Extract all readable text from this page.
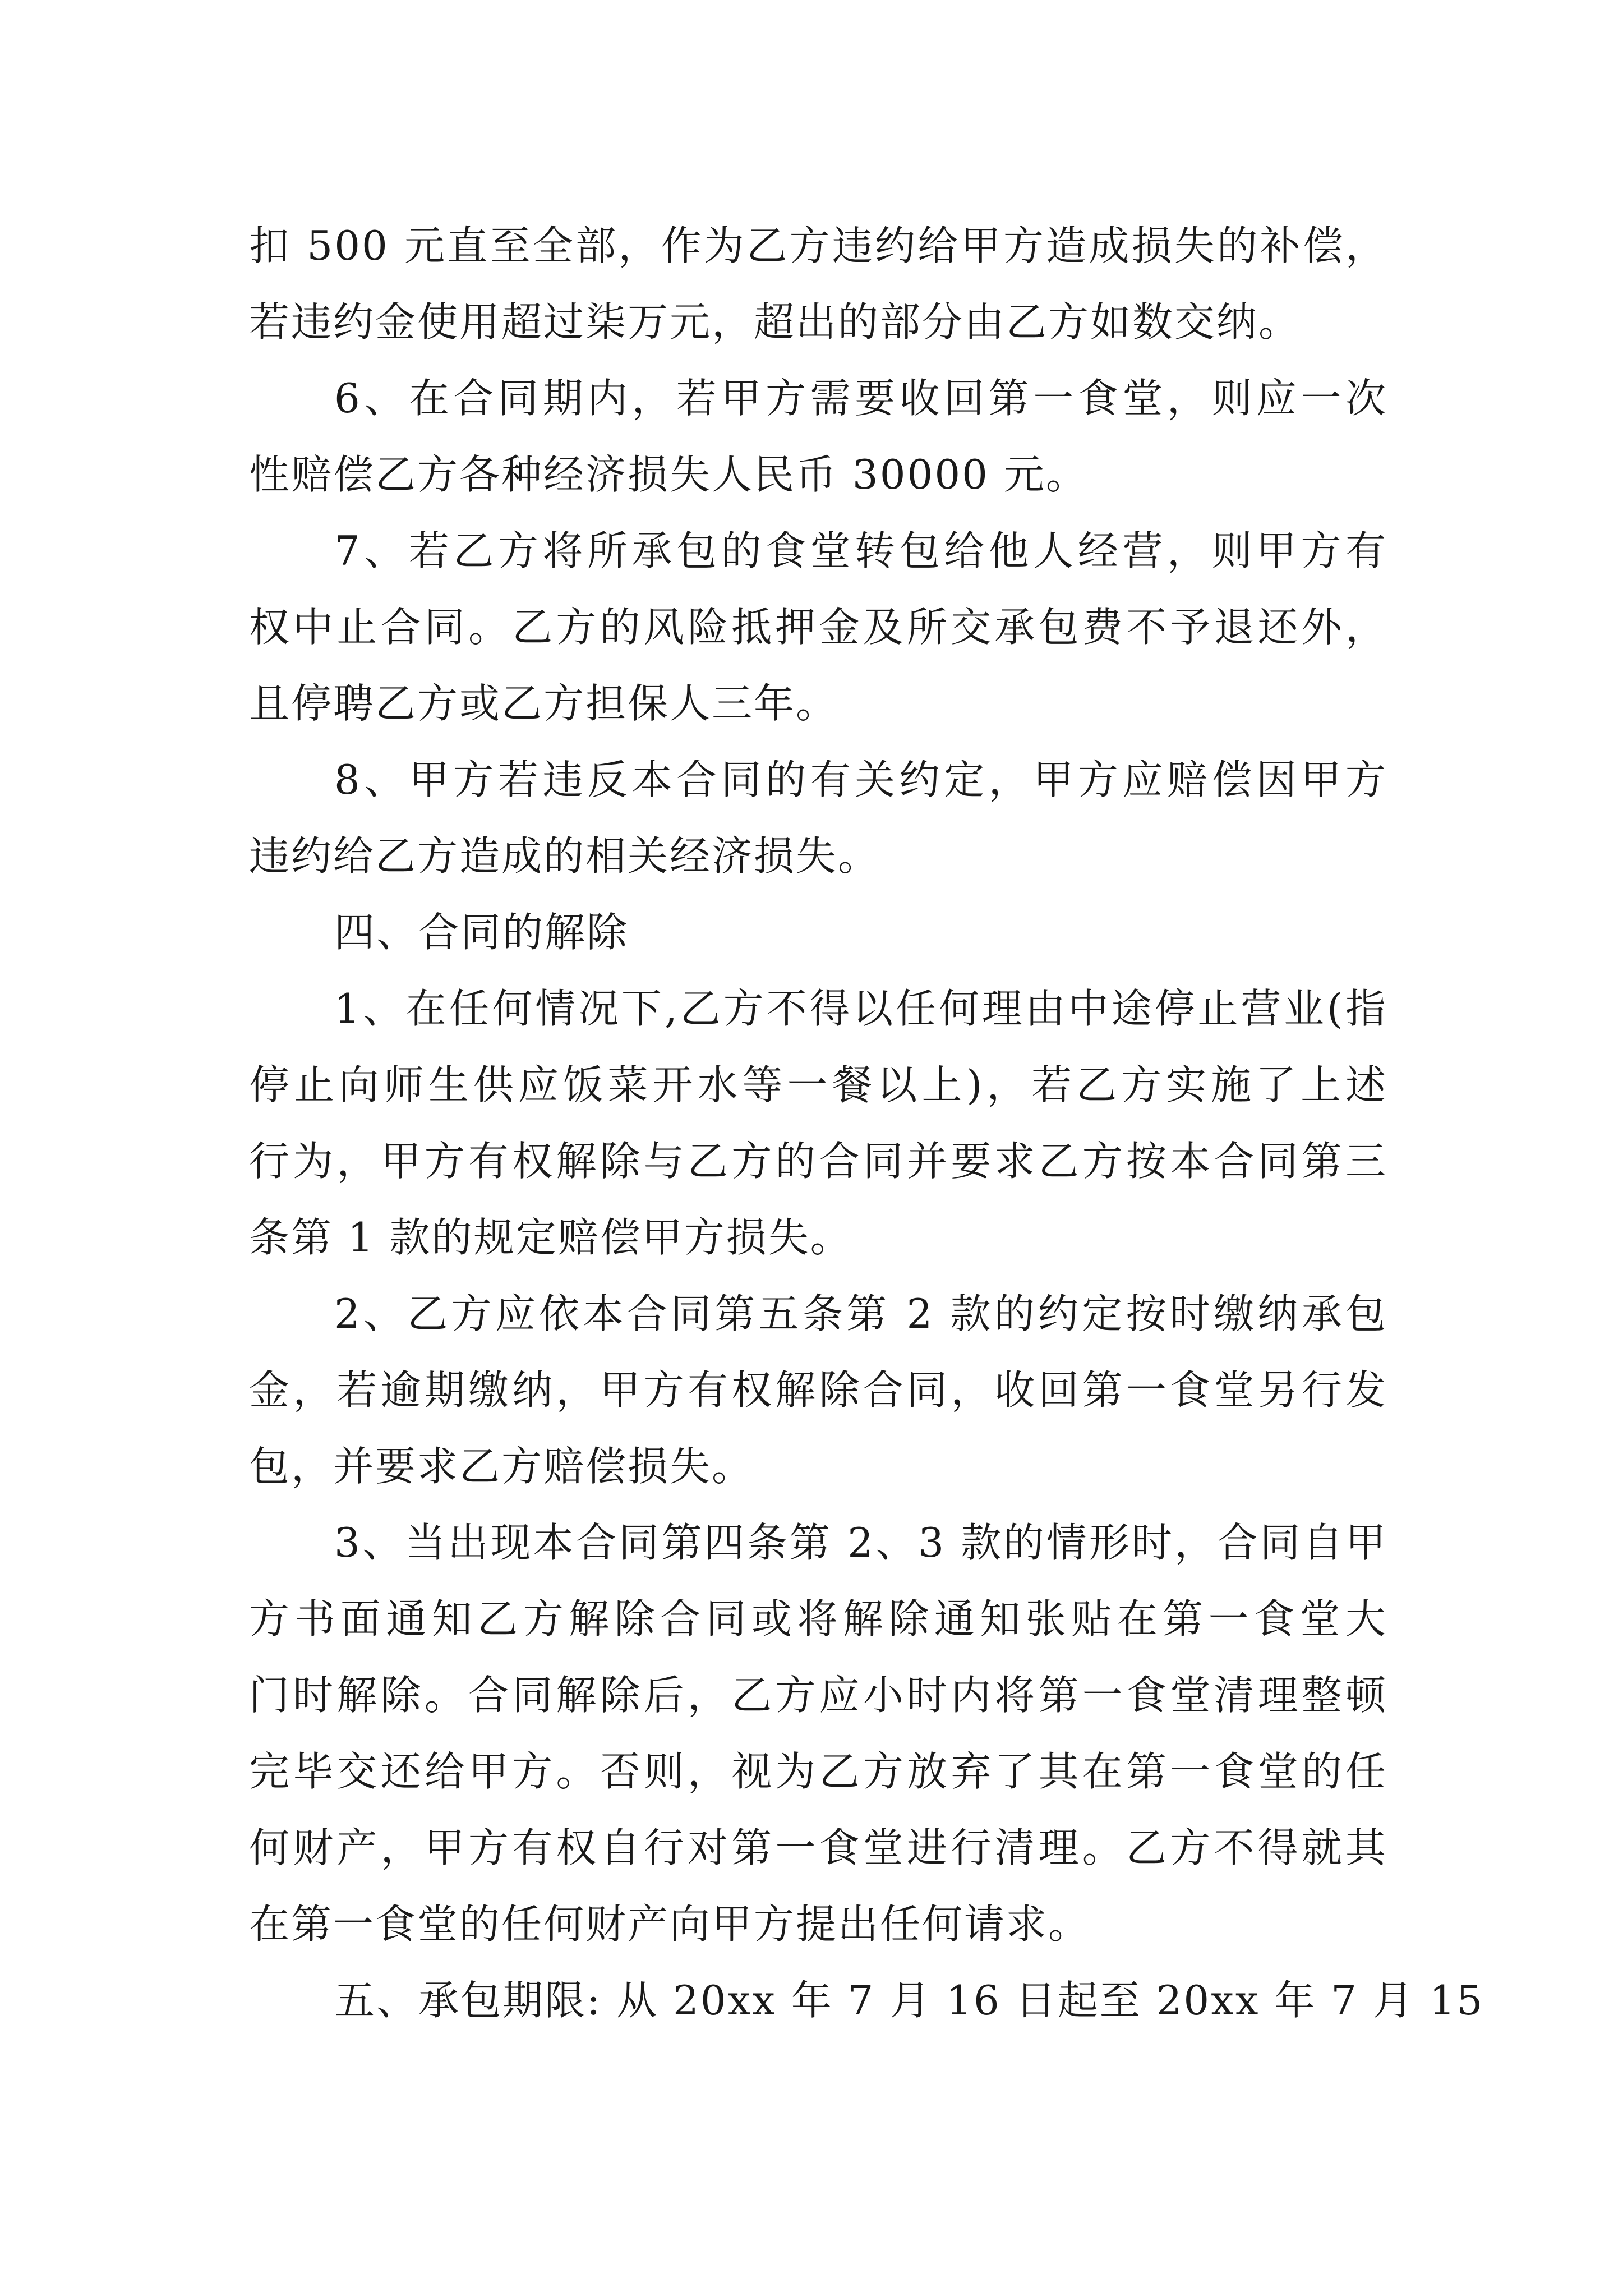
扣 500 元直至全部，作为乙方违约给甲方造成损失的补偿，
若违约金使用超过柒万元，超出的部分由乙方如数交纳。
6、在合同期内，若甲方需要收回第一食堂，则应一次
性赔偿乙方各种经济损失人民币 30000 元。
7、若乙方将所承包的食堂转包给他人经营，则甲方有
权中止合同。乙方的风险抵押金及所交承包费不予退还外，
且停聘乙方或乙方担保人三年。
8、甲方若违反本合同的有关约定，甲方应赔偿因甲方
违约给乙方造成的相关经济损失。
四、合同的解除
1、在任何情况下,乙方不得以任何理由中途停止营业(指
停止向师生供应饭菜开水等一餐以上)，若乙方实施了上述
行为，甲方有权解除与乙方的合同并要求乙方按本合同第三
条第 1 款的规定赔偿甲方损失。
2、乙方应依本合同第五条第 2 款的约定按时缴纳承包
金，若逾期缴纳，甲方有权解除合同，收回第一食堂另行发
包，并要求乙方赔偿损失。
3、当出现本合同第四条第 2、3 款的情形时，合同自甲
方书面通知乙方解除合同或将解除通知张贴在第一食堂大
门时解除。合同解除后，乙方应小时内将第一食堂清理整顿
完毕交还给甲方。否则，视为乙方放弃了其在第一食堂的任
何财产，甲方有权自行对第一食堂进行清理。乙方不得就其
在第一食堂的任何财产向甲方提出任何请求。
五、承包期限: 从 20xx 年 7 月 16 日起至 20xx 年 7 月 15
